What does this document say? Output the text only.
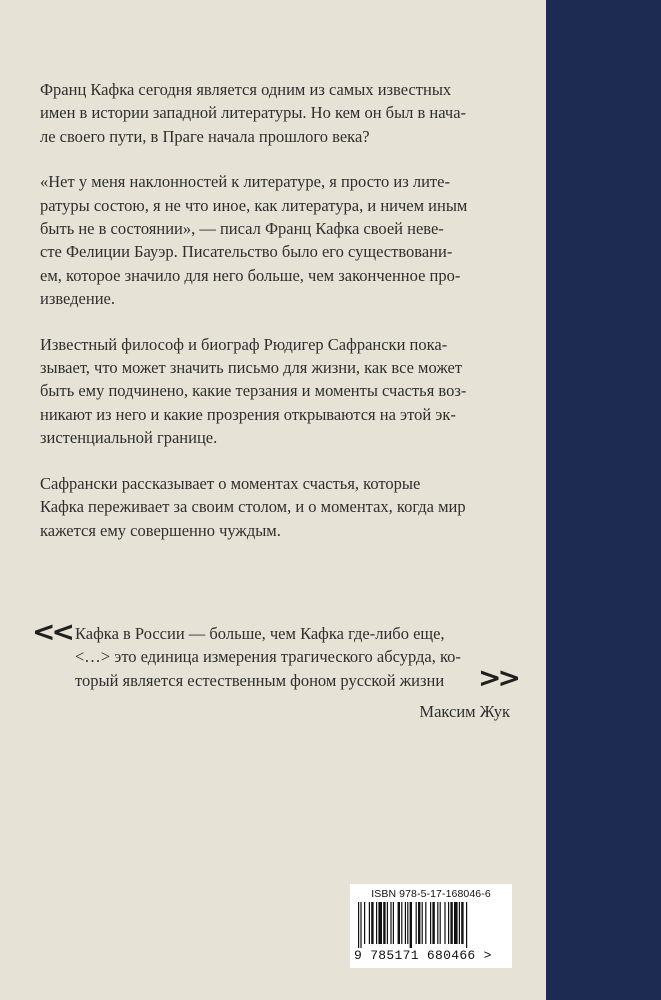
Франц Кафка сегодня является одним из самых известных
имен в истории западной литературы. Но кем он был в нача-
ле своего пути, в Праге начала прошлого века?

«Нет у меня наклонностей к литературе, я просто из лите-
ратуры состою, я не что иное, как литература, и ничем иным
быть не в состоянии», — писал Франц Кафка своей неве-
сте Фелиции Бауэр. Писательство было его существовани-
ем, которое значило для него больше, чем законченное про-
изведение.

Известный философ и биограф Рюдигер Сафрански пока-
зывает, что может значить письмо для жизни, как все может
быть ему подчинено, какие терзания и моменты счастья воз-
никают из него и какие прозрения открываются на этой эк-
зистенциальной границе.

Сафрански рассказывает о моментах счастья, которые
Кафка переживает за своим столом, и о моментах, когда мир
кажется ему совершенно чуждым.

<< Кафка в России — больше, чем Кафка где-либо еще,
<…> это единица измерения трагического абсурда, ко-
торый является естественным фоном русской жизни	>>
Максим Жук
ISBN 978-5-17-168046-6
9 785171 680466 >
